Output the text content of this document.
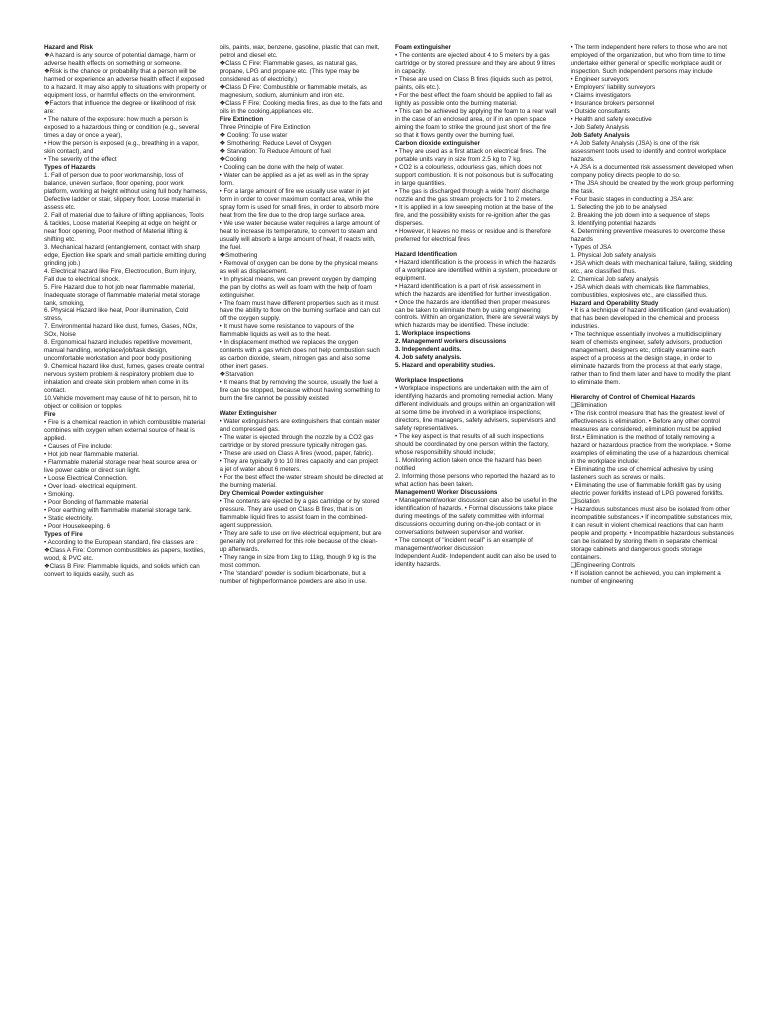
Hazard and Risk

❖A hazard is any source of potential damage, harm or adverse health effects on something or someone.

❖Risk is the chance or probability that a person will be harmed or experience an adverse health effect if exposed to a hazard. It may also apply to situations with property or equipment loss, or harmful effects on the environment.

❖Factors that influence the degree or likelihood of risk are:

• The nature of the exposure: how much a person is exposed to a hazardous thing or condition (e.g., several times a day or once a year),

• How the person is exposed (e.g., breathing in a vapor, skin contact), and

• The severity of the effect

Types of Hazards

1. Fall of person due to poor workmanship, loss of balance, uneven surface, floor opening, poor work platform, working at height without using full body harness, Defective ladder or stair, slippery floor, Loose material in assess etc.

2. Fall of material due to failure of lifting appliances, Tools & tackles, Loose material Keeping at edge on height or near floor opening, Poor method of Material lifting & shifting etc.

3. Mechanical hazard (entanglement, contact with sharp edge, Ejection like spark and small particle emitting during grinding job.)

4. Electrical hazard like Fire, Electrocution, Burn injury, Fall due to electrical shock.

5. Fire Hazard due to hot job near flammable material, Inadequate storage of flammable material metal storage tank, smoking,

6. Physical Hazard like heat, Poor illumination, Cold stress,

7. Environmental hazard like dust, fumes, Gases, NOx, SOx, Noise

8. Ergonomical hazard includes repetitive movement, manual handling, workplace/job/task design, uncomfortable workstation and poor body positioning

9. Chemical hazard like dust, fumes, gases create central nervous system problem & respiratory problem due to inhalation and create skin problem when come in its contact.

10.Vehicle movement may cause of hit to person, hit to object or collision or topples

Fire

• Fire is a chemical reaction in which combustible material combines with oxygen when external source of heat is applied.

• Causes of Fire include:

• Hot job near flammable material.

• Flammable material storage near heat source area or live power cable or direct sun light.

• Loose Electrical Connection.

• Over load- electrical equipment.

• Smoking.

• Poor Bonding of flammable material

• Poor earthing with flammable material storage tank.

• Static electricity.

• Poor Housekeeping. 6

Types of Fire

• According to the European standard, fire classes are :

❖Class A Fire: Common combustibles as papers, textiles, wood, & PVC etc.

❖Class B Fire: Flammable liquids, and solids which can convert to liquids easily, such as

oils, paints, wax, benzene, gasoline, plastic that can melt, petrol and diesel etc.

❖Class C Fire: Flammable gases, as natural gas, propane, LPG and propane etc. (This type may be considered as of electricity.)

❖Class D Fire: Combustible or flammable metals, as magnesium, sodium, aluminium and iron etc.

❖Class F Fire: Cooking media fires, as due to the fats and oils in the cooking,appliances etc.

Fire Extinction

Three Principle of Fire Extinction

❖ Cooling: To use water

❖ Smothering: Reduce Level of Oxygen

❖ Starvation: To Reduce Amount of fuel

❖Cooling

• Cooling can be done with the help of water.

• Water can be applied as a jet as well as in the spray form.

• For a large amount of fire we usually use water in jet form in order to cover maximum contact area, while the spray form is used for small fires, in order to absorb more heat from the fire due to the drop large surface area.

• We use water because water requires a large amount of heat to increase its temperature, to convert to steam and usually will absorb a large amount of heat, if reacts with, the fuel.

❖Smothering

• Removal of oxygen can be done by the physical means as well as displacement.

• In physical means, we can prevent oxygen by damping the pan by cloths as well as foam with the help of foam extinguisher.

• The foam must have different properties such as it must have the ability to flow on the burning surface and can cut off the oxygen supply.

• It must have some resistance to vapours of the flammable liquids as well as to the heat.

• In displacement method we replaces the oxygen contents with a gas which does not help combustion such as carbon dioxide, steam, nitrogen gas and also some other inert gases.

❖Starvation

• It means that by removing the source, usually the fuel a fire can be stopped, because without having something to burn the fire cannot be possibly existed

Water Extinguisher

• Water extinguishers are extinguishers that contain water and compressed gas.

• The water is ejected through the nozzle by a CO2 gas cartridge or by stored pressure typically nitrogen gas.

• These are used on Class A fires (wood, paper, fabric).

• They are typically 9 to 10 litres capacity and can project a jet of water about 6 meters.

• For the best effect the water stream should be directed at the burning material.

Dry Chemical Powder extinguisher

• The contents are ejected by a gas cartridge or by stored pressure. They are used on Class B fires, that is on flammable liquid fires to assist foam in the combined- agent suppression.

• They are safe to use on live electrical equipment, but are generally not preferred for this role because of the clean-up afterwards.

• They range in size from 1kg to 11kg, though 9 kg is the most common.

• The 'standard' powder is sodium bicarbonate, but a number of highperformance powders are also in use.

Foam extinguisher

• The contents are ejected about 4 to 5 meters by a gas cartridge or by stored pressure and they are about 9 litres in capacity.

• These are used on Class B fires (liquids such as petrol, paints, oils etc.).

• For the best effect the foam should be applied to fall as lightly as possible onto the burning material.

• This can be achieved by applying the foam to a rear wall in the case of an enclosed area, or if in an open space aiming the foam to strike the ground just short of the fire so that it flows gently over the burning fuel.

Carbon dioxide extinguisher

• They are used as a first attack on electrical fires. The portable units vary in size from 2.5 kg to 7 kg.

• CO2 is a colourless, odourless gas, which does not support combustion. It is not poisonous but is suffocating in large quantities.

• The gas is discharged through a wide 'horn' discharge nozzle and the gas stream projects for 1 to 2 meters.

• It is applied in a low sweeping motion at the base of the fire, and the possibility exists for re-ignition after the gas disperses.

• However, it leaves no mess or residue and is therefore preferred for electrical fires

Hazard Identification

• Hazard identification is the process in which the hazards of a workplace are identified within a system, procedure or equipment.

• Hazard identification is a part of risk assessment in which the hazards are identified for further investigation.

• Once the hazards are identified then proper measures can be taken to eliminate them by using engineering controls. Within an organization, there are several ways by which hazards may be identified. These include:

1. Workplace inspections

2. Management/ workers discussions

3. Independent audits.

4. Job safety analysis.

5. Hazard and operability studies.

Workplace Inspections

• Workplace inspections are undertaken with the aim of identifying hazards and promoting remedial action. Many different individuals and groups within an organization will at some time be involved in a workplace inspections; directors, line managers, safety advisers, supervisors and safety representatives.

• The key aspect is that results of all such inspections should be coordinated by one person within the factory, whose responsibility should include;

1. Monitoring action taken once the hazard has been notified

2. Informing those persons who reported the hazard as to what action has been taken.

Management/ Worker Discussions

• Management/worker discussion can also be useful in the identification of hazards. • Formal discussions take place during meetings of the safety committee with informal discussions occurring during on-the-job contact or in conversations between supervisor and worker.

• The concept of "incident recall" is an example of management/worker discussion

Independent Audit- Independent audit can also be used to identity hazards.

• The term independent here refers to those who are not employed of the organization, but who from time to time undertake either general or specific workplace audit or inspection. Such independent persons may include

• Engineer surveyors

• Employers' liability surveyors

• Claims investigators

• Insurance brokers personnel

• Outside consultants

• Health and safety executive

• Job Safety Analysis

Job Safety Analysis

• A Job Safety Analysis (JSA) is one of the risk assessment tools used to identify and control workplace hazards.

• A JSA is a documented risk assessment developed when company policy directs people to do so.

• The JSA should be created by the work group performing the task.

• Four basic stages in conducting a JSA are:

1. Selecting the job to be analysed

2. Breaking the job down into a sequence of steps

3. Identifying potential hazards

4. Determining preventive measures to overcome these hazards

• Types of JSA

1. Physical Job safety analysis

• JSA which deals with mechanical failure, failing, skidding etc., are classified thus.

2. Chemical Job safety analysis

• JSA which deals with chemicals like flammables, combustibles, explosives etc., are classified thus.

Hazard and Operability Study

• It is a technique of hazard identification (and evaluation) that has been developed in the chemical and process industries.

• The technique essentially involves a multidisciplinary team of chemists engineer, safety advisors, production management, designers etc, critically examine each aspect of a process at the design stage, in order to eliminate hazards from the process at that early stage, rather than to find them later and have to modify the plant to eliminate them.

Hierarchy of Control of Chemical Hazards

❑Elimination

• The risk control measure that has the greatest level of effectiveness is elimination. • Before any other control measures are considered, elimination must be applied first.• Elimination is the method of totally removing a hazard or hazardous practice from the workplace. • Some examples of eliminating the use of a hazardous chemical in the workplace include:

• Eliminating the use of chemical adhesive by using fasteners such as screws or nails.

• Eliminating the use of flammable forklift gas by using electric power forklifts instead of LPG powered forklifts.

❑Isolation

• Hazardous substances must also be isolated from other incompatible substances.• If incompatible substances mix, it can result in violent chemical reactions that can harm people and property. • Incompatible hazardous substances can be isolated by storing them in separate chemical storage cabinets and dangerous goods storage containers.

❑Engineering Controls

• If isolation cannot be achieved, you can implement a number of engineering
